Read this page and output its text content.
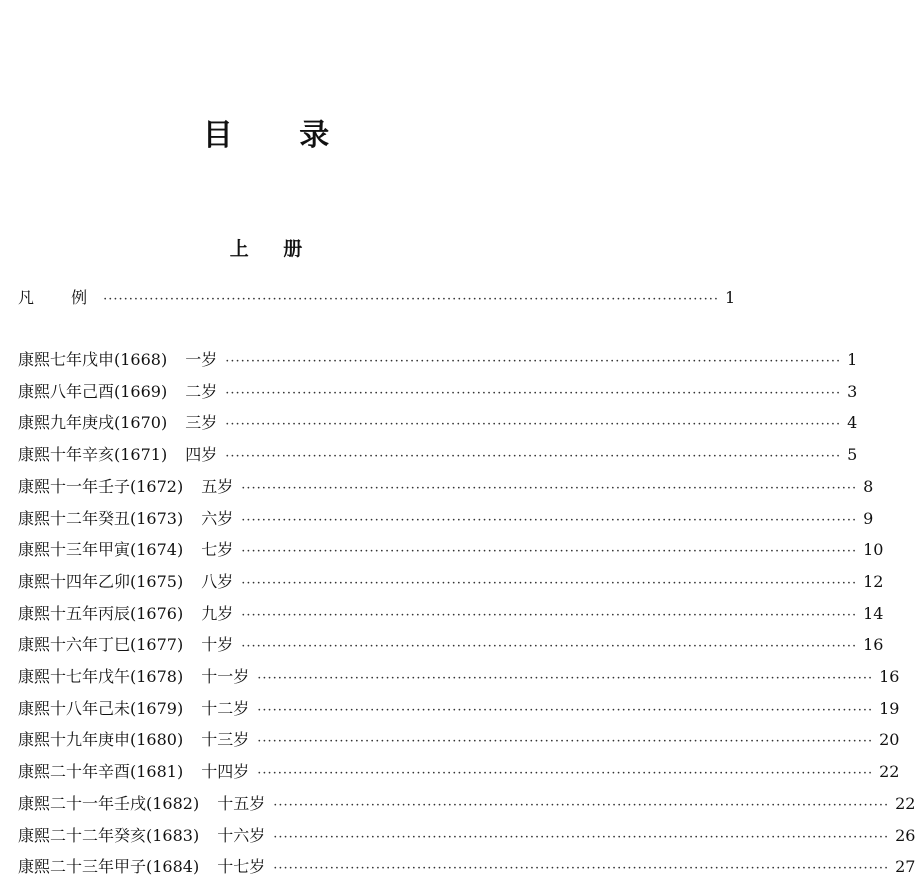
目 录
上 册
凡 例 ························································································································ 1
康熙七年戊申(1668) 一岁 ························································································································ 1
康熙八年己酉(1669) 二岁 ························································································································ 3
康熙九年庚戌(1670) 三岁 ························································································································ 4
康熙十年辛亥(1671) 四岁 ························································································································ 5
康熙十一年壬子(1672) 五岁 ························································································································ 8
康熙十二年癸丑(1673) 六岁 ························································································································ 9
康熙十三年甲寅(1674) 七岁 ························································································································ 10
康熙十四年乙卯(1675) 八岁 ························································································································ 12
康熙十五年丙辰(1676) 九岁 ························································································································ 14
康熙十六年丁巳(1677) 十岁 ························································································································ 16
康熙十七年戊午(1678) 十一岁 ························································································································ 16
康熙十八年己未(1679) 十二岁 ························································································································ 19
康熙十九年庚申(1680) 十三岁 ························································································································ 20
康熙二十年辛酉(1681) 十四岁 ························································································································ 22
康熙二十一年壬戌(1682) 十五岁 ························································································································ 22
康熙二十二年癸亥(1683) 十六岁 ························································································································ 26
康熙二十三年甲子(1684) 十七岁 ························································································································ 27
